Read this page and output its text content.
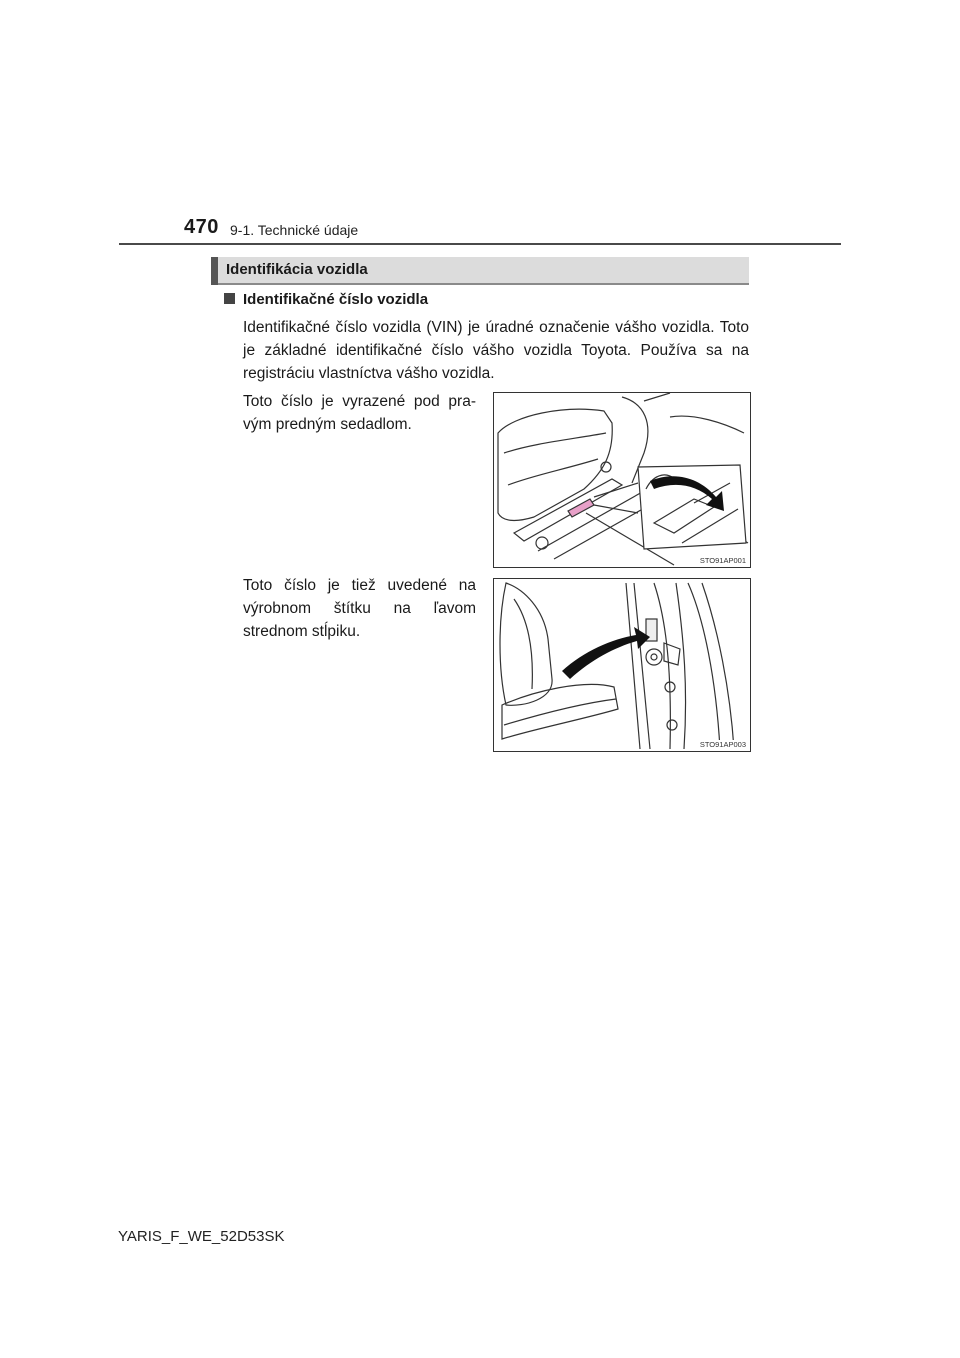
470 9-1. Technické údaje
Identifikácia vozidla
Identifikačné číslo vozidla
Identifikačné číslo vozidla (VIN) je úradné označenie vášho vozidla. Toto je základné identifikačné číslo vášho vozidla Toyota. Používa sa na registráciu vlastníctva vášho vozidla.
Toto číslo je vyrazené pod pra- vým predným sedadlom.
STO91AP001
Toto číslo je tiež uvedené na výrobnom štítku na ľavom strednom stĺpiku.
STO91AP003
YARIS_F_WE_52D53SK
